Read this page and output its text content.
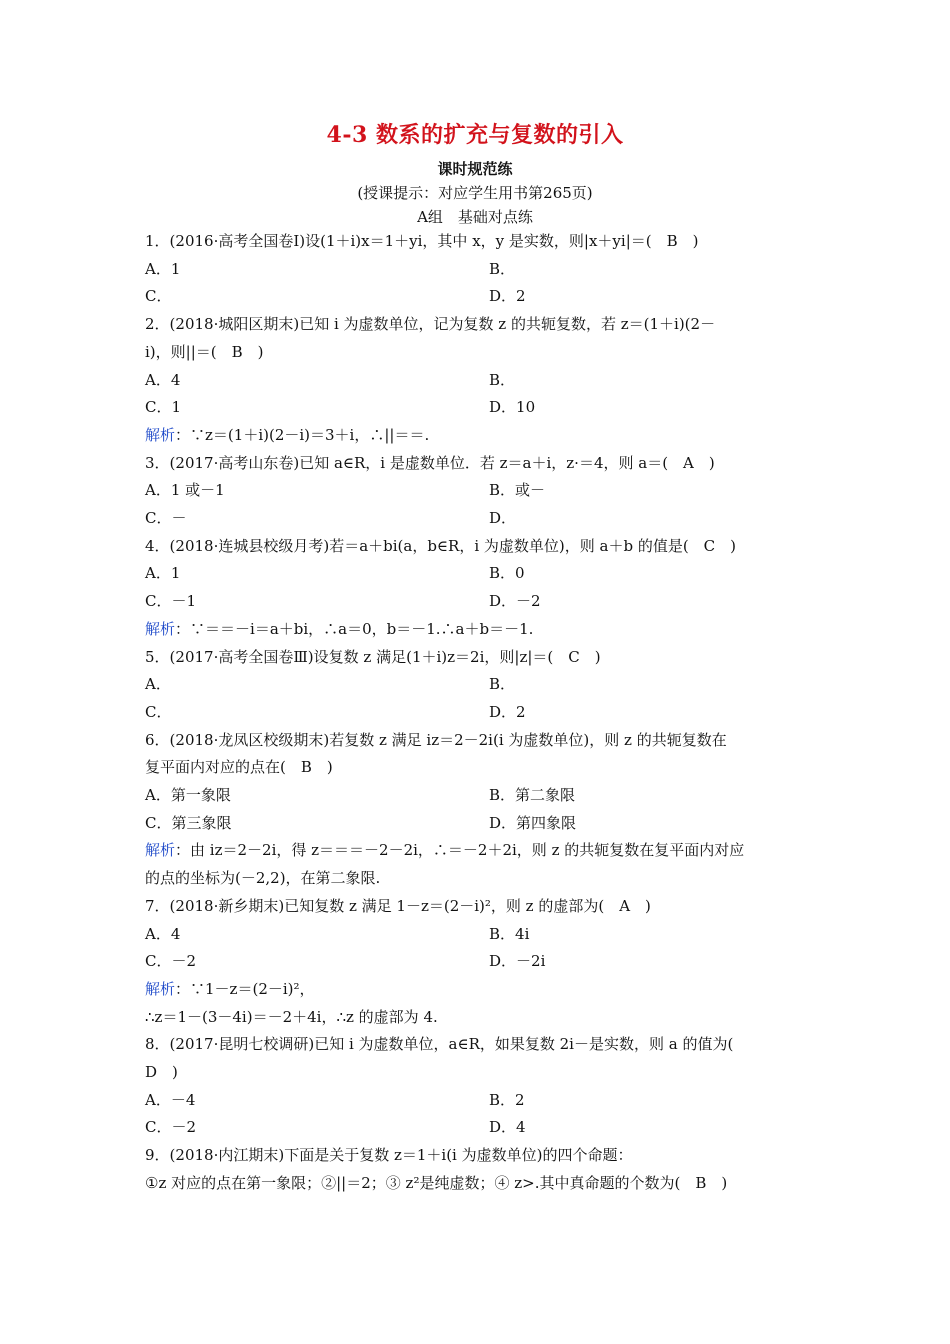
4-3 数系的扩充与复数的引入
课时规范练
(授课提示：对应学生用书第265页)
A组　基础对点练
1．(2016·高考全国卷Ⅰ)设(1＋i)x＝1＋yi，其中 x，y 是实数，则|x＋yi|＝(　B　)
A．1	B．
C．	D．2
2．(2018·城阳区期末)已知 i 为虚数单位，记为复数 z 的共轭复数，若 z＝(1＋i)(2－
i)，则||＝(　B　)
A．4	B．
C．1	D．10
解析：∵z＝(1＋i)(2－i)＝3＋i，∴||＝＝.
3．(2017·高考山东卷)已知 a∈R，i 是虚数单位．若 z＝a＋i，z·＝4，则 a＝(　A　)
A．1 或－1	B．或－
C．－	D．
4．(2018·连城县校级月考)若＝a＋bi(a，b∈R，i 为虚数单位)，则 a＋b 的值是(　C　)
A．1	B．0
C．－1	D．－2
解析：∵＝＝－i＝a＋bi，∴a＝0，b＝－1.∴a＋b＝－1.
5．(2017·高考全国卷Ⅲ)设复数 z 满足(1＋i)z＝2i，则|z|＝(　C　)
A．	B．
C．	D．2
6．(2018·龙凤区校级期末)若复数 z 满足 iz＝2－2i(i 为虚数单位)，则 z 的共轭复数在
复平面内对应的点在(　B　)
A．第一象限	B．第二象限
C．第三象限	D．第四象限
解析：由 iz＝2－2i，得 z＝＝＝－2－2i，∴＝－2＋2i，则 z 的共轭复数在复平面内对应
的点的坐标为(－2,2)，在第二象限.
7．(2018·新乡期末)已知复数 z 满足 1－z＝(2－i)²，则 z 的虚部为(　A　)
A．4	B．4i
C．－2	D．－2i
解析：∵1－z＝(2－i)²，
∴z＝1－(3－4i)＝－2＋4i，∴z 的虚部为 4.
8．(2017·昆明七校调研)已知 i 为虚数单位，a∈R，如果复数 2i－是实数，则 a 的值为(
D　)
A．－4	B．2
C．－2	D．4
9．(2018·内江期末)下面是关于复数 z＝1＋i(i 为虚数单位)的四个命题：
①z 对应的点在第一象限；②||＝2；③ z²是纯虚数；④ z>.其中真命题的个数为(　B　)
